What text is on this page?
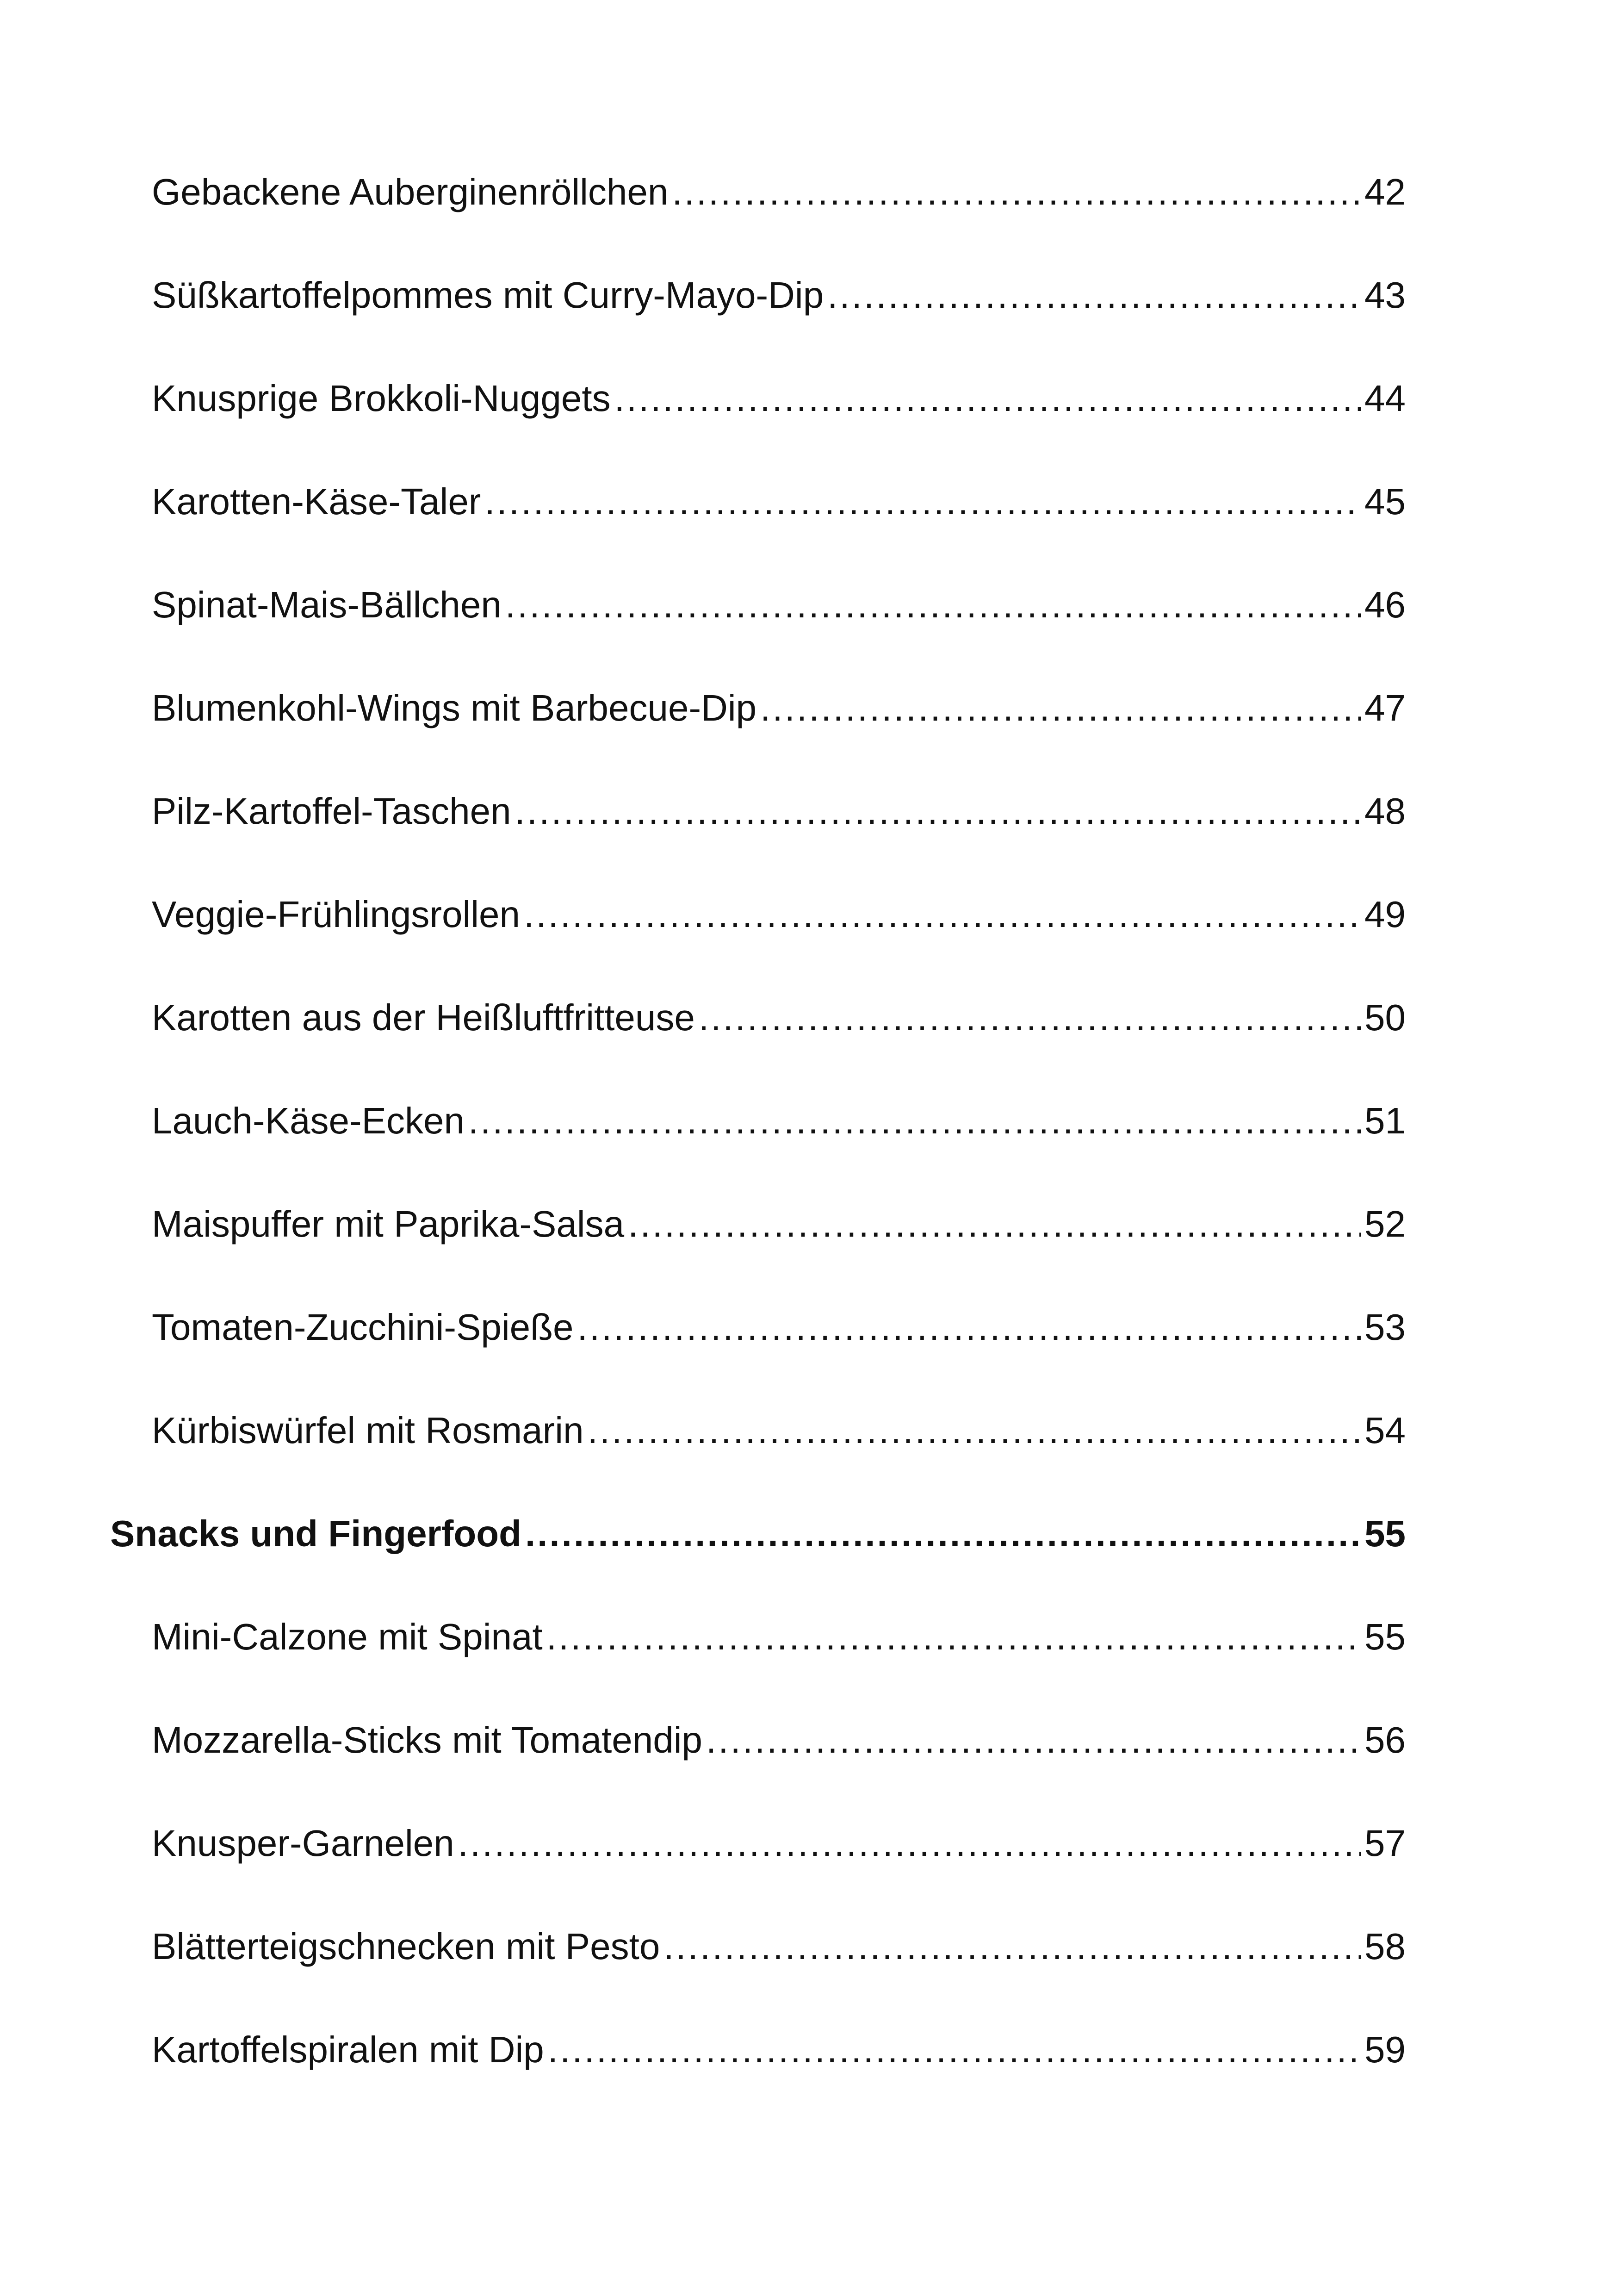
Gebackene Auberginenröllchen .....	42
Süßkartoffelpommes mit Curry-Mayo-Dip .....	43
Knusprige Brokkoli-Nuggets .....	44
Karotten-Käse-Taler .....	45
Spinat-Mais-Bällchen .....	46
Blumenkohl-Wings mit Barbecue-Dip .....	47
Pilz-Kartoffel-Taschen .....	48
Veggie-Frühlingsrollen .....	49
Karotten aus der Heißluftfritteuse .....	50
Lauch-Käse-Ecken .....	51
Maispuffer mit Paprika-Salsa .....	52
Tomaten-Zucchini-Spieße .....	53
Kürbiswürfel mit Rosmarin .....	54
Snacks und Fingerfood .....	55
Mini-Calzone mit Spinat .....	55
Mozzarella-Sticks mit Tomatendip .....	56
Knusper-Garnelen .....	57
Blätterteigschnecken mit Pesto .....	58
Kartoffelspiralen mit Dip .....	59
